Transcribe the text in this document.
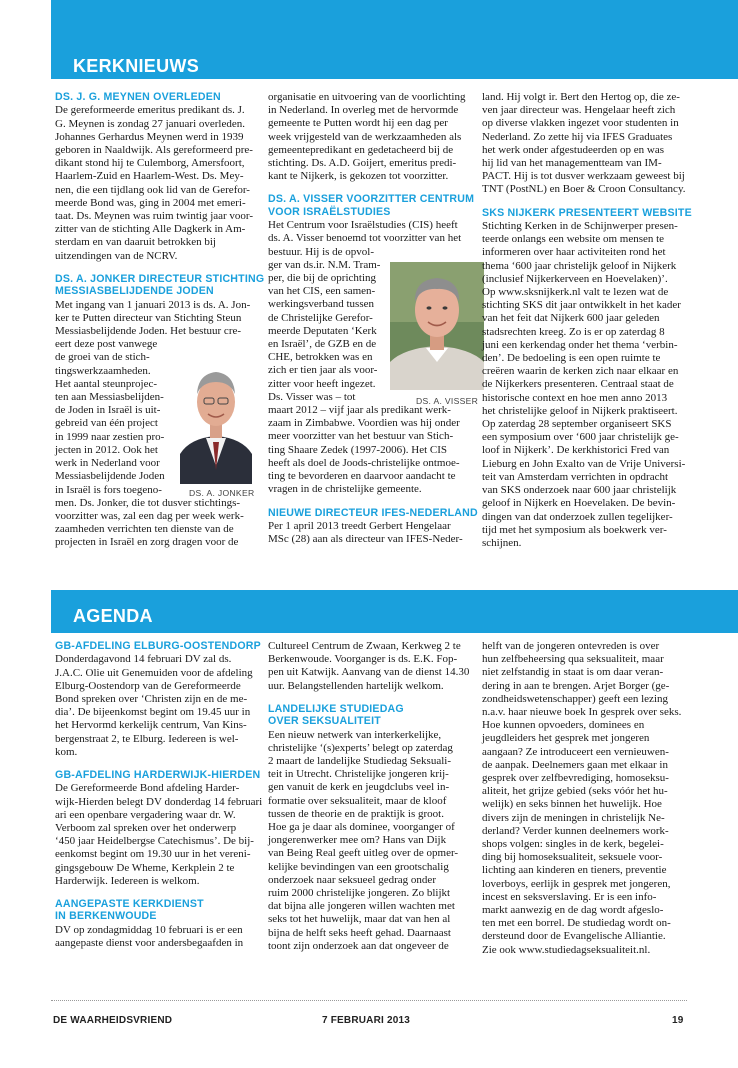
KERKNIEUWS
DS. J. G. MEYNEN OVERLEDEN

De gereformeerde emeritus predikant ds. J.

G. Meynen is zondag 27 januari overleden.

Johannes Gerhardus Meynen werd in 1939

geboren in Naaldwijk. Als gereformeerd pre-

dikant stond hij te Culemborg, Amersfoort,

Haarlem-Zuid en Haarlem-West. Ds. Mey-

nen, die een tijdlang ook lid van de Gerefor-

meerde Bond was, ging in 2004 met emeri-

taat. Ds. Meynen was ruim twintig jaar voor-

zitter van de stichting Alle Dagkerk in Am-

sterdam en van daaruit betrokken bij

uitzendingen van de NCRV.

DS. A. JONKER DIRECTEUR STICHTING

MESSIASBELIJDENDE JODEN

Met ingang van 1 januari 2013 is ds. A. Jon-

ker te Putten directeur van Stichting Steun

Messiasbelijdende Joden. Het bestuur cre-

eert deze post vanwege

de groei van de stich-

tingswerkzaamheden.

Het aantal steunprojec-

ten aan Messiasbelijden-

de Joden in Israël is uit-

gebreid van één project

in 1999 naar zestien pro-

jecten in 2012. Ook het

werk in Nederland voor

Messiasbelijdende Joden

in Israël is fors toegeno-

men. Ds. Jonker, die tot dusver stichtings-

voorzitter was, zal een dag per week werk-

zaamheden verrichten ten dienste van de

projecten in Israël en zorg dragen voor de

DS. A. JONKER

organisatie en uitvoering van de voorlichting

in Nederland. In overleg met de hervormde

gemeente te Putten wordt hij een dag per

week vrijgesteld van de werkzaamheden als

gemeentepredikant en gedetacheerd bij de

stichting. Ds. A.D. Goijert, emeritus predi-

kant te Nijkerk, is gekozen tot voorzitter.

DS. A. VISSER VOORZITTER CENTRUM

VOOR ISRAËLSTUDIES

Het Centrum voor Israëlstudies (CIS) heeft

ds. A. Visser benoemd tot voorzitter van het

bestuur. Hij is de opvol-

ger van ds.ir. N.M. Tram-

per, die bij de oprichting

van het CIS, een samen-

werkingsverband tussen

de Christelijke Gerefor-

meerde Deputaten ‘Kerk

en Israël’, de GZB en de

CHE, betrokken was en

zich er tien jaar als voor-

zitter voor heeft ingezet.

Ds. Visser was – tot

maart 2012 – vijf jaar als predikant werk-

zaam in Zimbabwe. Voordien was hij onder

meer voorzitter van het bestuur van Stich-

ting Shaare Zedek (1997-2006). Het CIS

heeft als doel de Joods-christelijke ontmoe-

ting te bevorderen en daarvoor aandacht te

vragen in de christelijke gemeente.

NIEUWE DIRECTEUR IFES-NEDERLAND

Per 1 april 2013 treedt Gerbert Hengelaar

MSc (28) aan als directeur van IFES-Neder-

DS. A. VISSER

land. Hij volgt ir. Bert den Hertog op, die ze-

ven jaar directeur was. Hengelaar heeft zich

op diverse vlakken ingezet voor studenten in

Nederland. Zo zette hij via IFES Graduates

het werk onder afgestudeerden op en was

hij lid van het managementteam van IM-

PACT. Hij is tot dusver werkzaam geweest bij

TNT (PostNL) en Boer & Croon Consultancy.

SKS NIJKERK PRESENTEERT WEBSITE

Stichting Kerken in de Schijnwerper presen-

teerde onlangs een website om mensen te

informeren over haar activiteiten rond het

thema ‘600 jaar christelijk geloof in Nijkerk

(inclusief Nijkerkerveen en Hoevelaken)’.

Op www.sksnijkerk.nl valt te lezen wat de

stichting SKS dit jaar ontwikkelt in het kader

van het feit dat Nijkerk 600 jaar geleden

stadsrechten kreeg. Zo is er op zaterdag 8

juni een kerkendag onder het thema ‘verbin-

den’. De bedoeling is een open ruimte te

creëren waarin de kerken zich naar elkaar en

de Nijkerkers presenteren. Centraal staat de

historische context en hoe men anno 2013

het christelijke geloof in Nijkerk praktiseert.

Op zaterdag 28 september organiseert SKS

een symposium over ‘600 jaar christelijk ge-

loof in Nijkerk’. De kerkhistorici Fred van

Lieburg en John Exalto van de Vrije Universi-

teit van Amsterdam verrichten in opdracht

van SKS onderzoek naar 600 jaar christelijk

geloof in Nijkerk en Hoevelaken. De bevin-

dingen van dat onderzoek zullen tegelijker-

tijd met het symposium als boekwerk ver-

schijnen.

AGENDA
GB-AFDELING ELBURG-OOSTENDORP

Donderdagavond 14 februari DV zal ds.

J.A.C. Olie uit Genemuiden voor de afdeling

Elburg-Oostendorp van de Gereformeerde

Bond spreken over ‘Christen zijn en de me-

dia’. De bijeenkomst begint om 19.45 uur in

het Hervormd kerkelijk centrum, Van Kins-

bergenstraat 2, te Elburg. Iedereen is wel-

kom.

GB-AFDELING HARDERWIJK-HIERDEN

De Gereformeerde Bond afdeling Harder-

wijk-Hierden belegt DV donderdag 14 februari

ari een openbare vergadering waar dr. W.

Verboom zal spreken over het onderwerp

‘450 jaar Heidelbergse Catechismus’. De bij-

eenkomst begint om 19.30 uur in het vereni-

gingsgebouw De Wheme, Kerkplein 2 te

Harderwijk. Iedereen is welkom.

AANGEPASTE KERKDIENST

IN BERKENWOUDE

DV op zondagmiddag 10 februari is er een

aangepaste dienst voor andersbegaafden in

Cultureel Centrum de Zwaan, Kerkweg 2 te

Berkenwoude. Voorganger is ds. E.K. Fop-

pen uit Katwijk. Aanvang van de dienst 14.30

uur. Belangstellenden hartelijk welkom.

LANDELIJKE STUDIEDAG

OVER SEKSUALITEIT

Een nieuw netwerk van interkerkelijke,

christelijke ‘(s)experts’ belegt op zaterdag

2 maart de landelijke Studiedag Seksuali-

teit in Utrecht. Christelijke jongeren krij-

gen vanuit de kerk en jeugdclubs veel in-

formatie over seksualiteit, maar de kloof

tussen de theorie en de praktijk is groot.

Hoe ga je daar als dominee, voorganger of

jongerenwerker mee om? Hans van Dijk

van Being Real geeft uitleg over de opmer-

kelijke bevindingen van een grootschalig

onderzoek naar seksueel gedrag onder

ruim 2000 christelijke jongeren. Zo blijkt

dat bijna alle jongeren willen wachten met

seks tot het huwelijk, maar dat van hen al

bijna de helft seks heeft gehad. Daarnaast

toont zijn onderzoek aan dat ongeveer de

helft van de jongeren ontevreden is over

hun zelfbeheersing qua seksualiteit, maar

niet zelfstandig in staat is om daar veran-

dering in aan te brengen. Arjet Borger (ge-

zondheidswetenschapper) geeft een lezing

n.a.v. haar nieuwe boek In gesprek over seks.

Hoe kunnen opvoeders, dominees en

jeugdleiders het gesprek met jongeren

aangaan? Ze introduceert een vernieuwen-

de aanpak. Deelnemers gaan met elkaar in

gesprek over zelfbevrediging, homoseksu-

aliteit, het grijze gebied (seks vóór het hu-

welijk) en seks binnen het huwelijk. Hoe

divers zijn de meningen in christelijk Ne-

derland? Verder kunnen deelnemers work-

shops volgen: singles in de kerk, begelei-

ding bij homoseksualiteit, seksuele voor-

lichting aan kinderen en tieners, preventie

loverboys, eerlijk in gesprek met jongeren,

incest en seksverslaving. Er is een info-

markt aanwezig en de dag wordt afgeslo-

ten met een borrel. De studiedag wordt on-

dersteund door de Evangelische Alliantie.

Zie ook www.studiedagseksualiteit.nl.

DE WAARHEIDSVRIEND	7 FEBRUARI 2013	19
